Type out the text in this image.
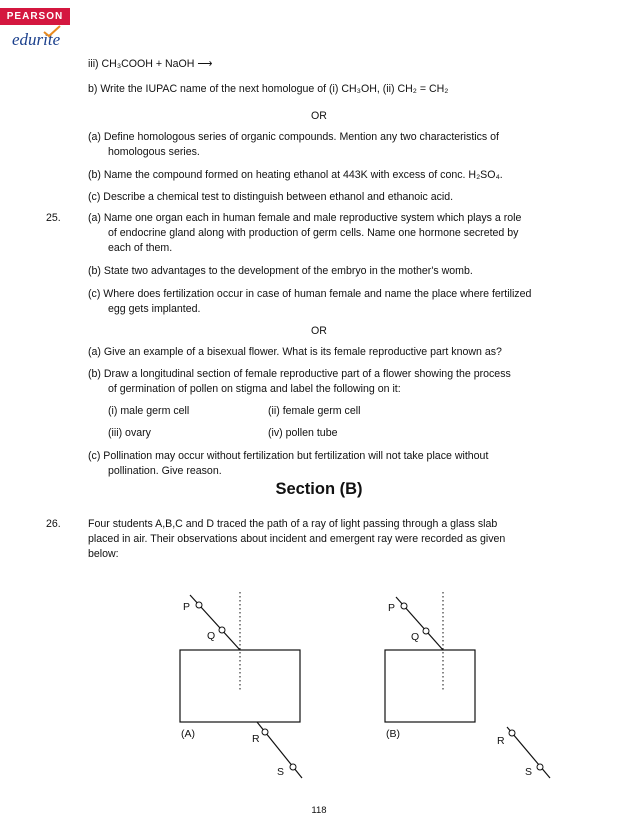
PEARSON
edurite
iii) CH₃COOH + NaOH ⟶
b) Write the IUPAC name of the next homologue of (i) CH₃OH, (ii) CH₂ = CH₂
OR
(a) Define homologous series of organic compounds. Mention any two characteristics of
homologous series.
(b) Name the compound formed on heating ethanol at 443K with excess of conc. H₂SO₄.
(c) Describe a chemical test to distinguish between ethanol and ethanoic acid.
25.	(a) Name one organ each in human female and male reproductive system which plays a role
of endocrine gland along with production of germ cells. Name one hormone secreted by
each of them.
(b) State two advantages to the development of the embryo in the mother's womb.
(c) Where does fertilization occur in case of human female and name the place where fertilized
egg gets implanted.
OR
(a) Give an example of a bisexual flower. What is its female reproductive part known as?
(b) Draw a longitudinal section of female reproductive part of a flower showing the process
of germination of pollen on stigma and label the following on it:
(i) male germ cell	(ii) female germ cell
(iii) ovary	(iv) pollen tube
(c) Pollination may occur without fertilization but fertilization will not take place without
pollination. Give reason.
Section (B)
26.	Four students A,B,C and D traced the path of a ray of light passing through a glass slab
placed in air. Their observations about incident and emergent ray were recorded as given
below:
P
Q
R
S
(A)
P
Q
R
S
(B)
118
